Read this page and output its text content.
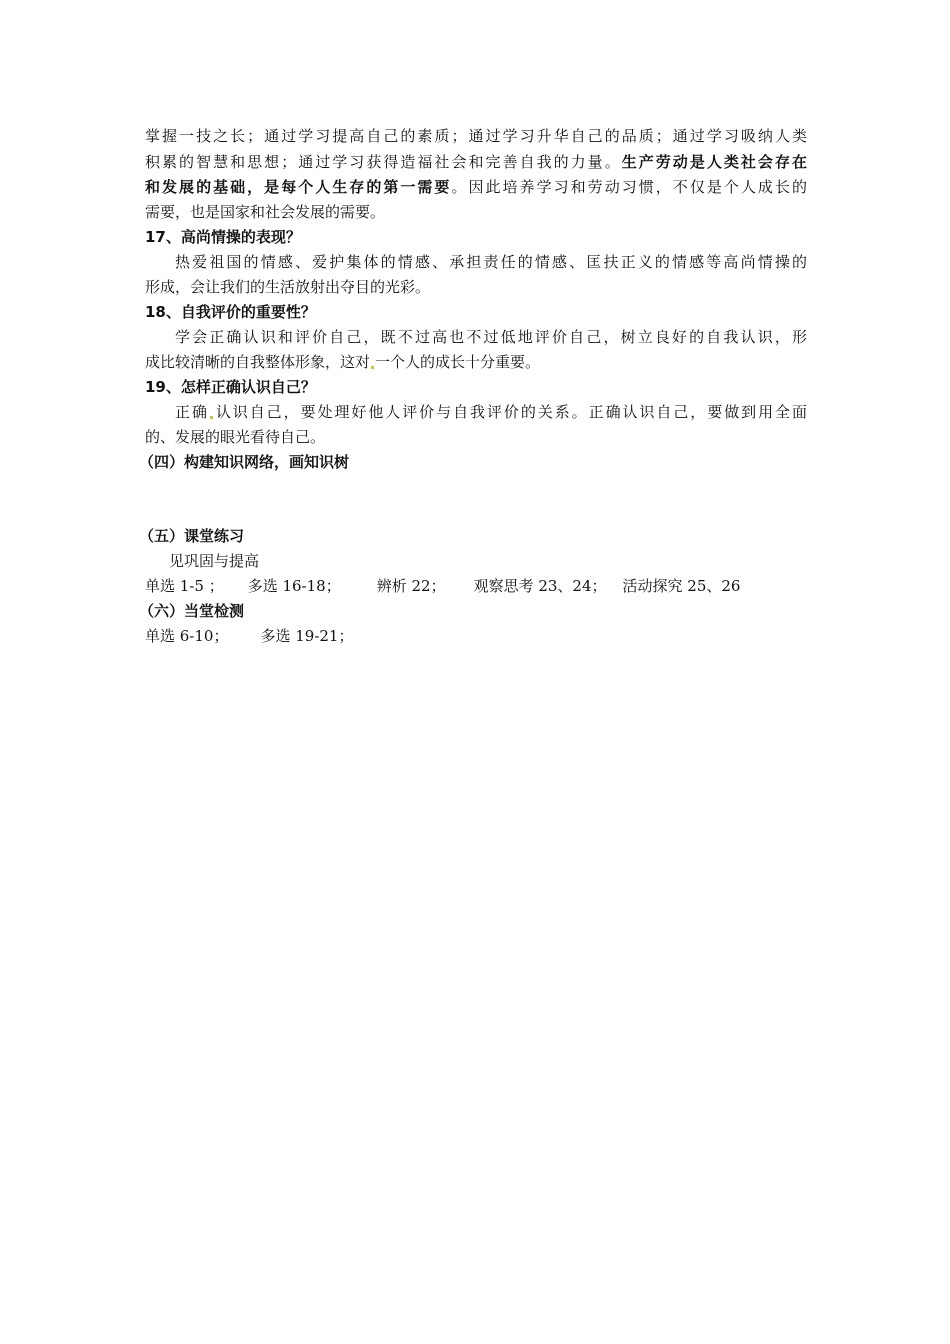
掌握一技之长；通过学习提高自己的素质；通过学习升华自己的品质；通过学习吸纳人类
积累的智慧和思想；通过学习获得造福社会和完善自我的力量。生产劳动是人类社会存在
和发展的基础，是每个人生存的第一需要。因此培养学习和劳动习惯，不仅是个人成长的
需要，也是国家和社会发展的需要。
17、高尚情操的表现？
热爱祖国的情感、爱护集体的情感、承担责任的情感、匡扶正义的情感等高尚情操的
形成，会让我们的生活放射出夺目的光彩。
18、自我评价的重要性？
学会正确认识和评价自己，既不过高也不过低地评价自己，树立良好的自我认识，形
成比较清晰的自我整体形象，这对 一个人的成长十分重要。
19、怎样正确认识自己？
正确 认识自己，要处理好他人评价与自我评价的关系。正确认识自己，要做到用全面
的、发展的眼光看待自己。
（四）构建知识网络，画知识树
（五）课堂练习
见巩固与提高
单选 1-5 ； 多选 16-18； 辨析 22； 观察思考 23、24； 活动探究 25、26
（六）当堂检测
单选 6-10； 多选 19-21；
